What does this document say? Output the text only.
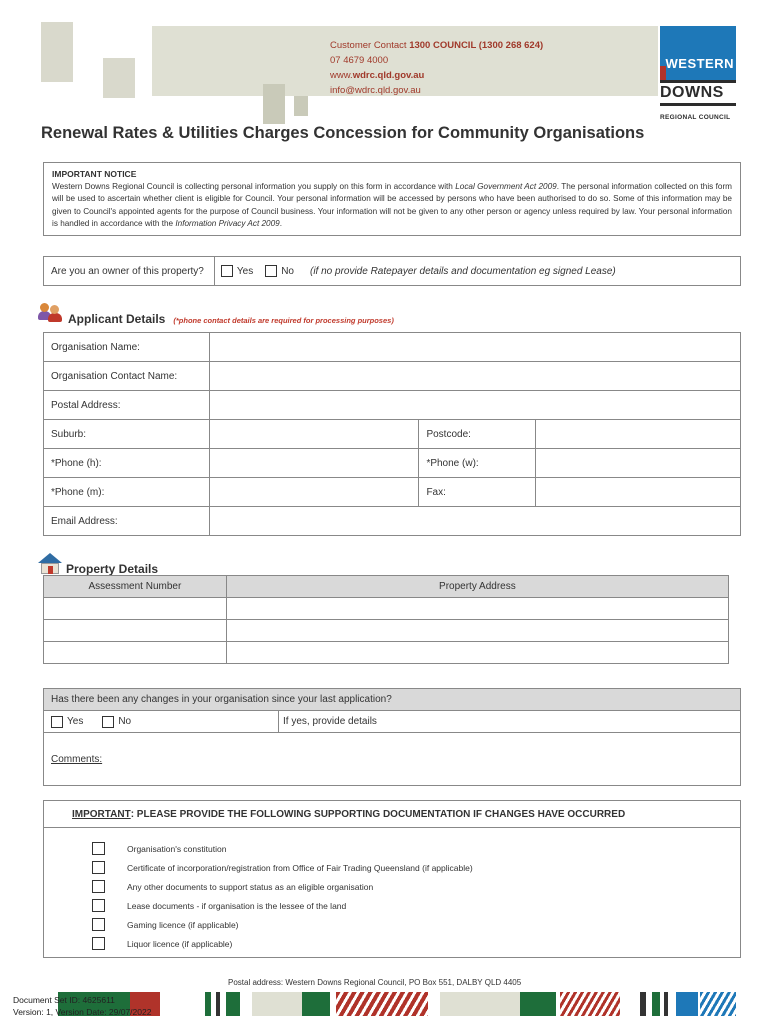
Customer Contact 1300 COUNCIL (1300 268 624)
07 4679 4000
www.wdrc.qld.gov.au
info@wdrc.qld.gov.au
WESTERN
DOWNS
REGIONAL COUNCIL
Renewal Rates & Utilities Charges Concession for Community Organisations
IMPORTANT NOTICE
Western Downs Regional Council is collecting personal information you supply on this form in accordance with Local Government Act 2009. The personal information collected on this form will be used to ascertain whether client is eligible for Council. Your personal information will be accessed by persons who have been authorised to do so. Some of this information may be given to Council's appointed agents for the purpose of Council business. Your information will not be given to any other person or agency unless required by law. Your personal information is handled in accordance with the Information Privacy Act 2009.
Are you an owner of this property?	Yes	No (if no provide Ratepayer details and documentation eg signed Lease)
Applicant Details (*phone contact details are required for processing purposes)
Organisation Name:			
Organisation Contact Name:			
Postal Address:			
Suburb:		Postcode:	
*Phone (h):		*Phone (w):	
*Phone (m):		Fax:	
Email Address:			
Property Details
Assessment Number	Property Address

Has there been any changes in your organisation since your last application?
Yes	No	If yes, provide details
Comments:
IMPORTANT : PLEASE PROVIDE THE FOLLOWING SUPPORTING DOCUMENTATION IF CHANGES HAVE OCCURRED
Organisation's constitution
Certificate of incorporation/registration from Office of Fair Trading Queensland (if applicable)
Any other documents to support status as an eligible organisation
Lease documents - if organisation is the lessee of the land
Gaming licence (if applicable)
Liquor licence (if applicable)
Postal address: Western Downs Regional Council, PO Box 551, DALBY QLD 4405
Document Set ID: 4625611
Version: 1, Version Date: 29/07/2022
